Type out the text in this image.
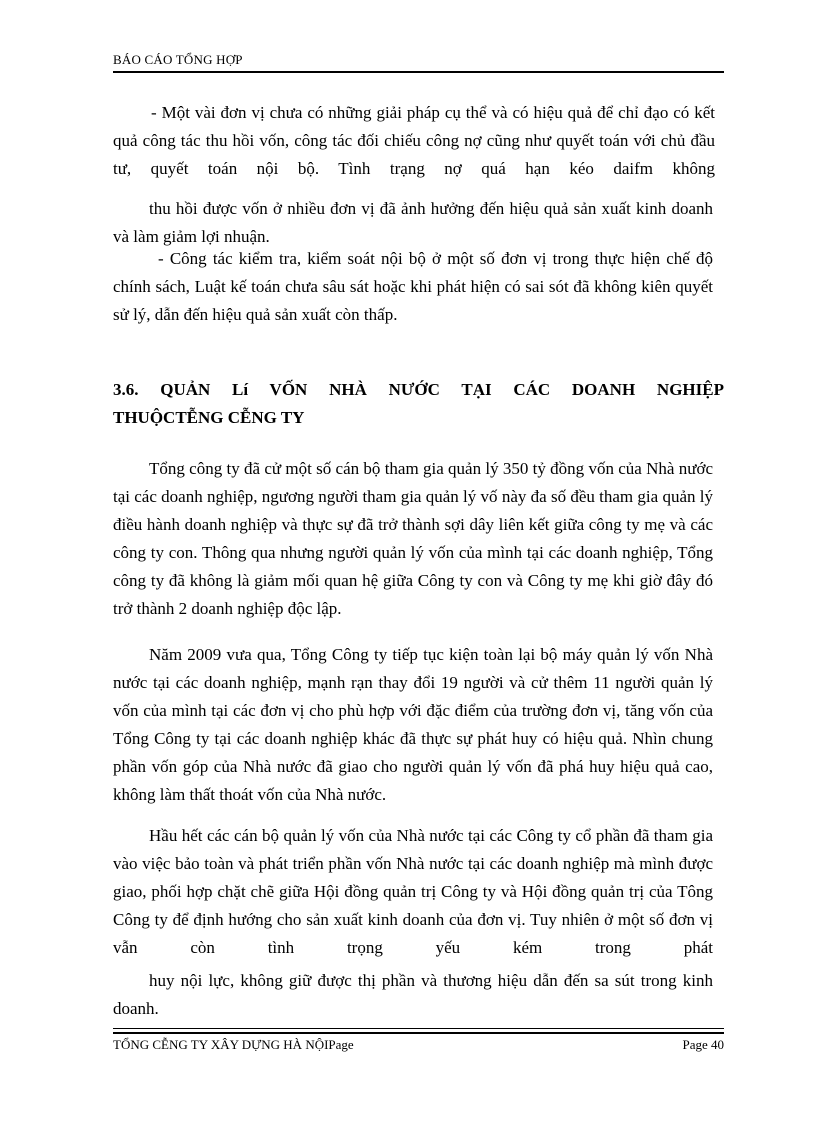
BÁO CÁO TỔNG HỢP
- Một vài đơn vị chưa có những giải pháp cụ thể và có hiệu quả để chỉ đạo có kết quả công tác thu hồi vốn, công tác đối chiếu công nợ cũng như quyết toán với chủ đầu tư, quyết toán nội bộ. Tình trạng nợ quá hạn kéo daifm không
thu hồi được vốn ở nhiều đơn vị đã ảnh hưởng đến hiệu quả sản xuất kinh doanh và làm giảm lợi nhuận.
- Công tác kiểm tra, kiểm soát nội bộ ở một số đơn vị trong thực hiện chế độ chính sách, Luật kế toán chưa sâu sát hoặc khi phát hiện có sai sót đã không kiên quyết sử lý, dẫn đến hiệu quả sản xuất còn thấp.
3.6. QUẢN Lí VỐN NHÀ NƯỚC TẠI CÁC DOANH NGHIỆP
THUỘCTỄNG CỄNG TY
Tổng công ty đã cử một số cán bộ tham gia quản lý 350 tỷ đồng vốn của Nhà nước tại các doanh nghiệp, ngương người tham gia quản lý vố này đa số đều tham gia quản lý điều hành doanh nghiệp và thực sự đã trở thành sợi dây liên kết giữa công ty mẹ và các công ty con. Thông qua nhưng người quản lý vốn của mình tại các doanh nghiệp, Tổng công ty đã không là giảm mối quan hệ giữa Công ty con và Công ty mẹ khi giờ đây đó trở thành 2 doanh nghiệp độc lập.
Năm 2009 vưa qua, Tổng Công ty tiếp tục kiện toàn lại bộ máy quản lý vốn Nhà nước tại các doanh nghiệp, mạnh rạn thay đổi 19 người và cử thêm 11 người quản lý vốn của mình tại các đơn vị cho phù hợp với đặc điểm của trường đơn vị, tăng vốn của Tổng Công ty tại các doanh nghiệp khác đã thực sự phát huy có hiệu quả. Nhìn chung phần vốn góp của Nhà nước đã giao cho người quản lý vốn đã phá huy hiệu quả cao, không làm thất thoát vốn của Nhà nước.
Hầu hết các cán bộ quản lý vốn của Nhà nước tại các Công ty cổ phần đã tham gia vào việc bảo toàn và phát triển phần vốn Nhà nước tại các doanh nghiệp mà mình được giao, phối hợp chặt chẽ giữa Hội đồng quản trị Công ty và Hội đồng quản trị của Tông Công ty để định hướng cho sản xuất kinh doanh của đơn vị. Tuy nhiên ở một số đơn vị vẫn còn tình trọng yếu kém trong phát
huy nội lực, không giữ được thị phần và thương hiệu dẫn đến sa sút trong kinh doanh.
TỔNG CỄNG TY XÂY DỰNG HÀ NỘIPage	Page 40
